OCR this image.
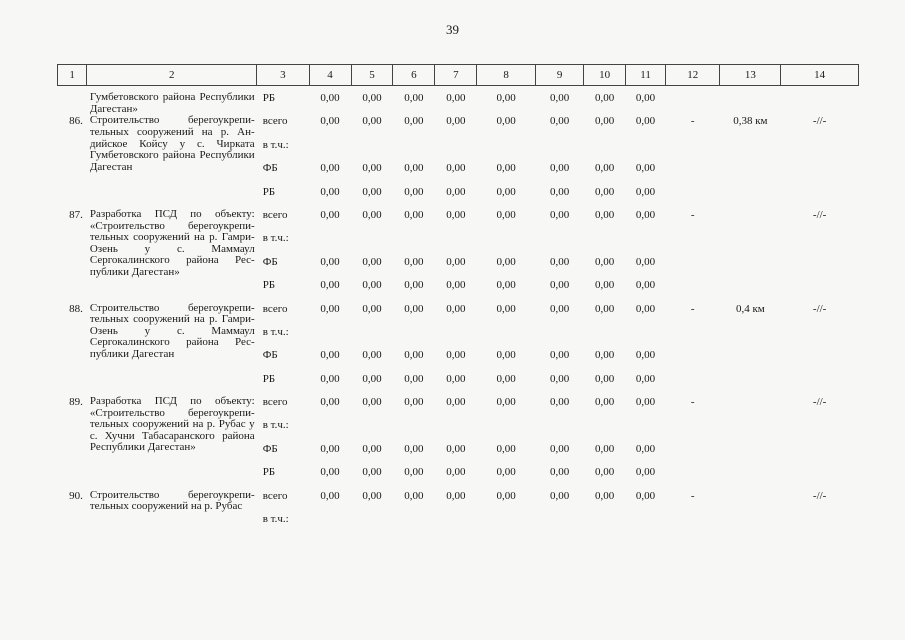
39
1	2	3	4	5	6	7	8	9	10	11	12	13	14
	Гумбетовского района Республики Дагестан»	РБ	0,00	0,00	0,00	0,00	0,00	0,00	0,00	0,00			
86.	Строительство берегоукрепительных сооружений на р. Андийское Койсу у с. Чирката Гумбетовского района Республики Дагестан	всего	0,00	0,00	0,00	0,00	0,00	0,00	0,00	0,00	-	0,38 км	-//-
		в т.ч.:											
		ФБ	0,00	0,00	0,00	0,00	0,00	0,00	0,00	0,00			
		РБ	0,00	0,00	0,00	0,00	0,00	0,00	0,00	0,00			
87.	Разработка ПСД по объекту: «Строительство берегоукрепительных сооружений на р. Гамри-Озень у с. Маммаул Сергокалинского района Республики Дагестан»	всего	0,00	0,00	0,00	0,00	0,00	0,00	0,00	0,00	-		-//-
		в т.ч.:											
		ФБ	0,00	0,00	0,00	0,00	0,00	0,00	0,00	0,00			
		РБ	0,00	0,00	0,00	0,00	0,00	0,00	0,00	0,00			
88.	Строительство берегоукрепительных сооружений на р. Гамри-Озень у с. Маммаул Сергокалинского района Республики Дагестан	всего	0,00	0,00	0,00	0,00	0,00	0,00	0,00	0,00	-	0,4 км	-//-
		в т.ч.:											
		ФБ	0,00	0,00	0,00	0,00	0,00	0,00	0,00	0,00			
		РБ	0,00	0,00	0,00	0,00	0,00	0,00	0,00	0,00			
89.	Разработка ПСД по объекту: «Строительство берегоукрепительных сооружений на р. Рубас у с. Хучни Табасаранского района Республики Дагестан»	всего	0,00	0,00	0,00	0,00	0,00	0,00	0,00	0,00	-		-//-
		в т.ч.:											
		ФБ	0,00	0,00	0,00	0,00	0,00	0,00	0,00	0,00			
		РБ	0,00	0,00	0,00	0,00	0,00	0,00	0,00	0,00			
90.	Строительство берегоукрепительных сооружений на р. Рубас	всего	0,00	0,00	0,00	0,00	0,00	0,00	0,00	0,00	-		-//-
		в т.ч.:											
